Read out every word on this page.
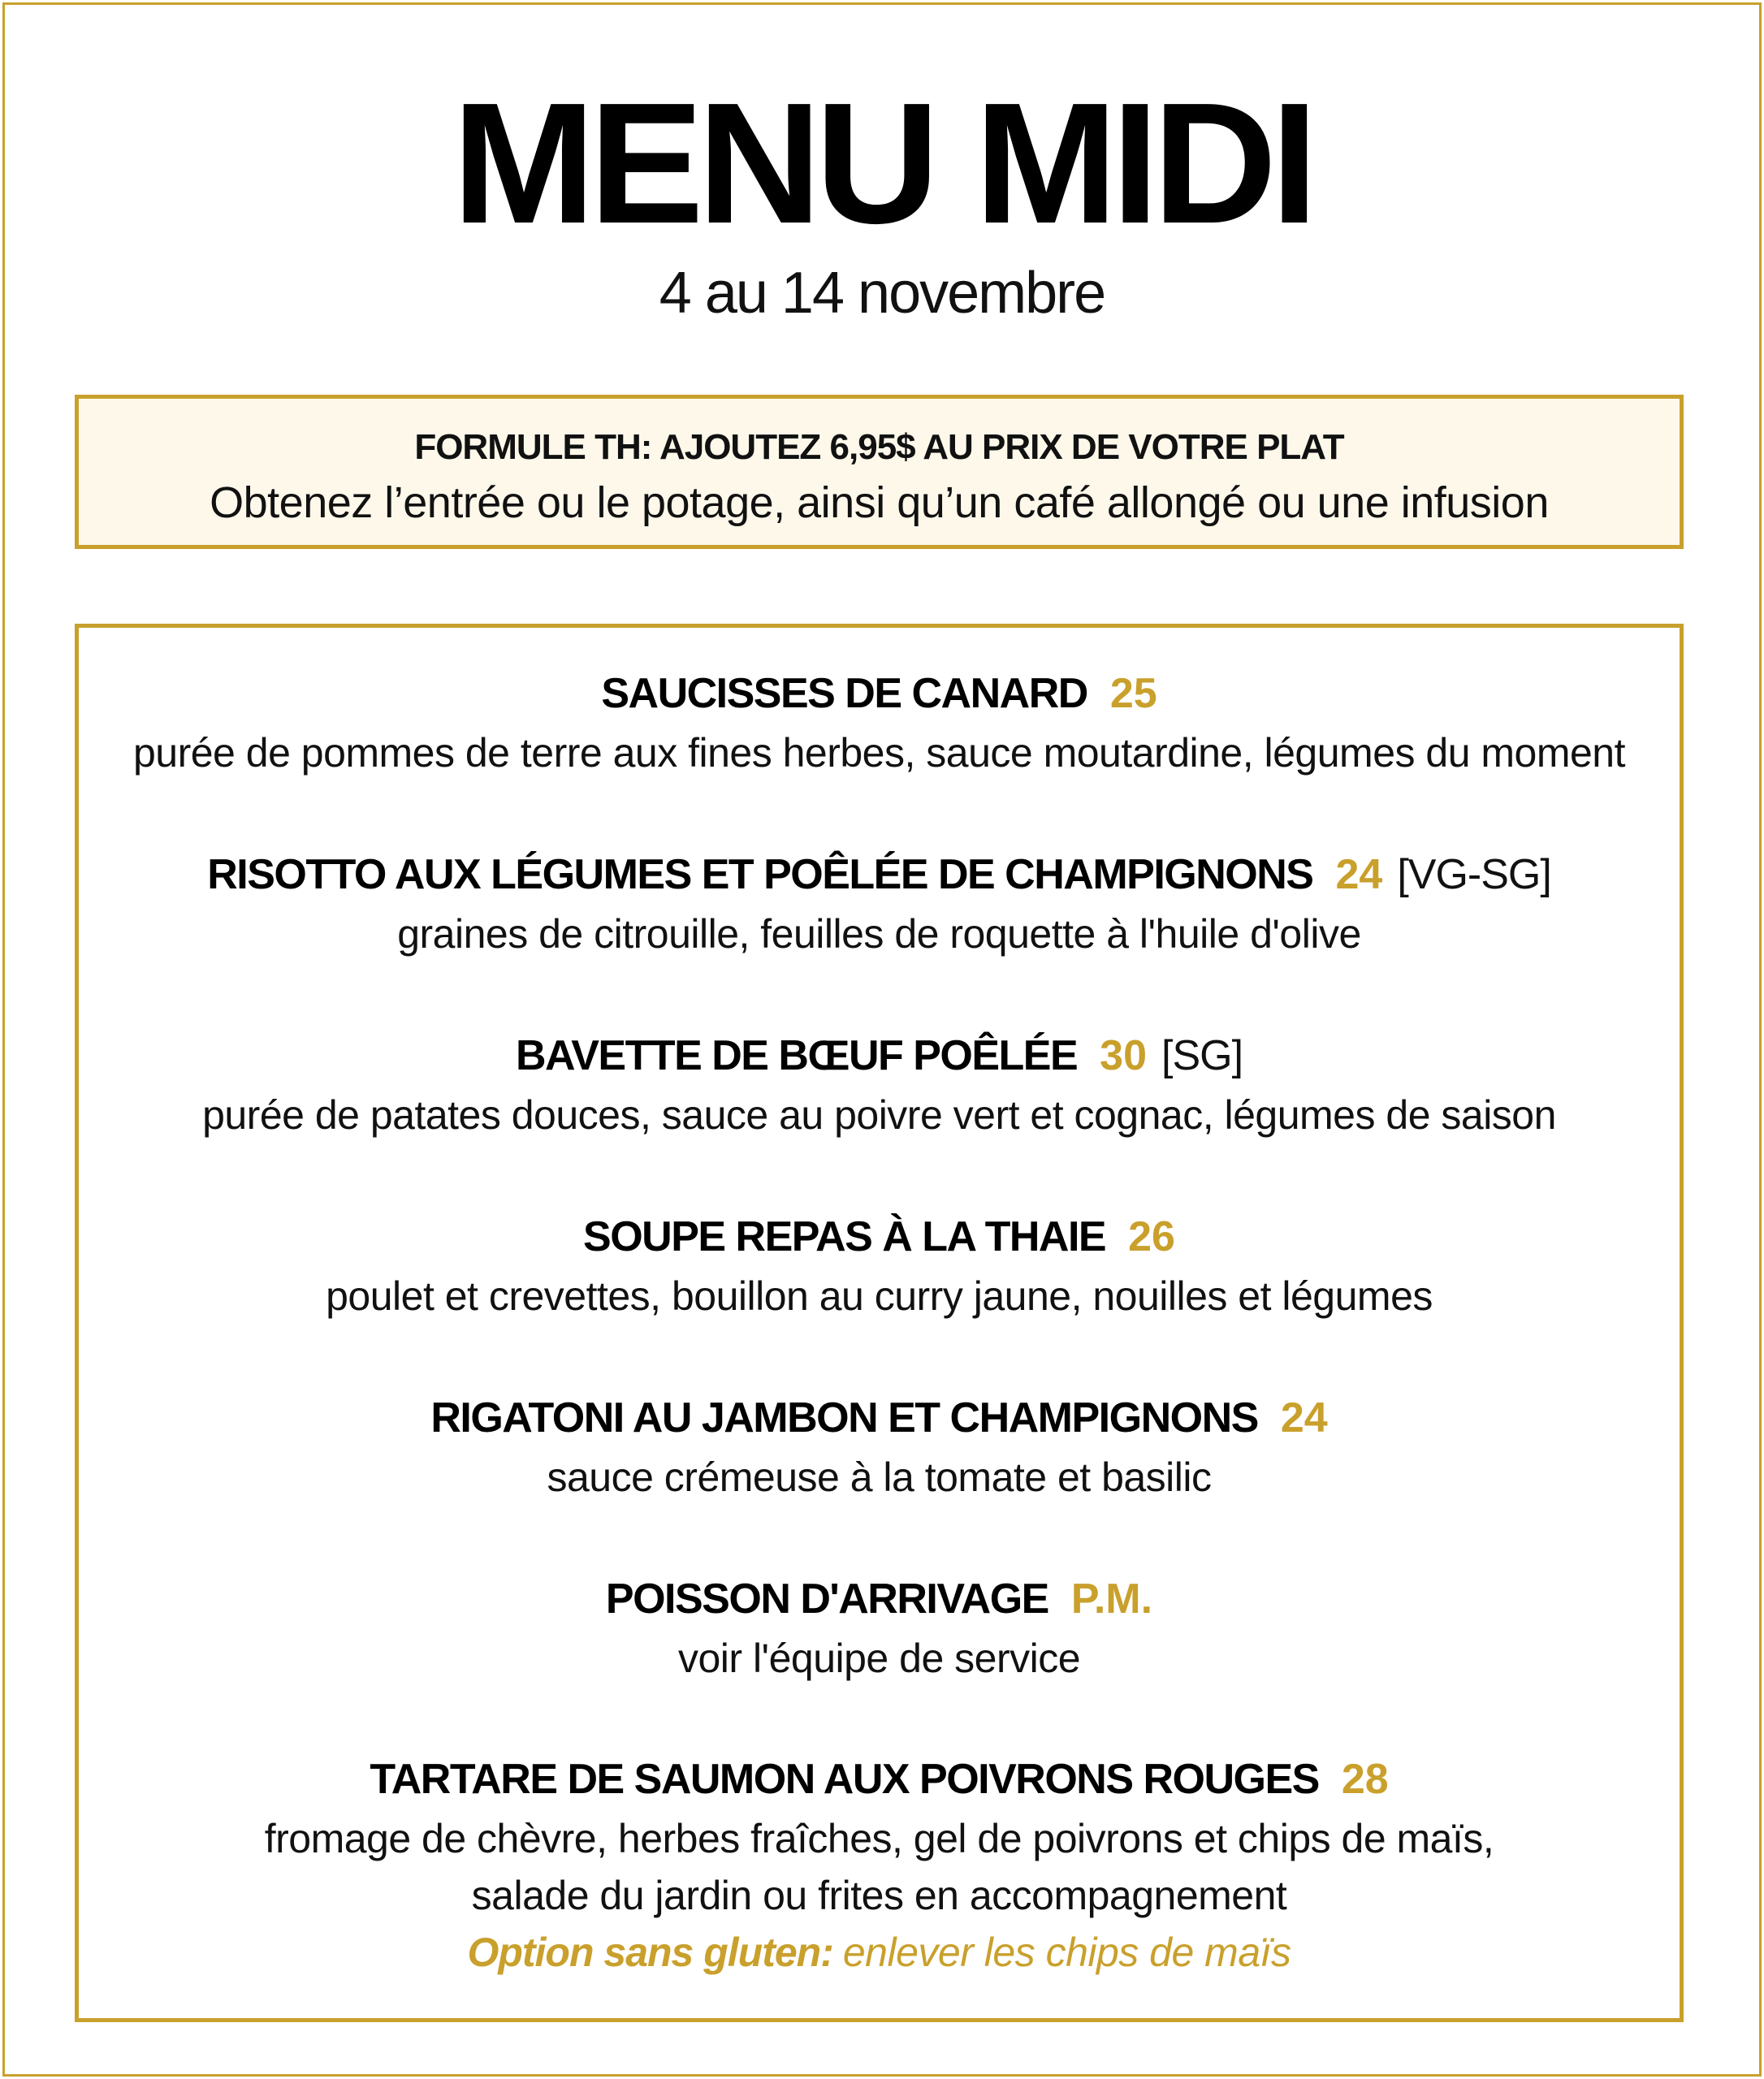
MENU MIDI
4 au 14 novembre
FORMULE TH: AJOUTEZ 6,95$ AU PRIX DE VOTRE PLAT
Obtenez l’entrée ou le potage, ainsi qu’un café allongé ou une infusion
SAUCISSES DE CANARD 25
purée de pommes de terre aux fines herbes, sauce moutardine, légumes du moment
RISOTTO AUX LÉGUMES ET POÊLÉE DE CHAMPIGNONS 24 [VG-SG]
graines de citrouille, feuilles de roquette à l'huile d'olive
BAVETTE DE BŒUF POÊLÉE 30 [SG]
purée de patates douces, sauce au poivre vert et cognac, légumes de saison
SOUPE REPAS À LA THAIE 26
poulet et crevettes, bouillon au curry jaune, nouilles et légumes
RIGATONI AU JAMBON ET CHAMPIGNONS 24
sauce crémeuse à la tomate et basilic
POISSON D'ARRIVAGE P.M.
voir l'équipe de service
TARTARE DE SAUMON AUX POIVRONS ROUGES 28
fromage de chèvre, herbes fraîches, gel de poivrons et chips de maïs,
salade du jardin ou frites en accompagnement
Option sans gluten: enlever les chips de maïs
